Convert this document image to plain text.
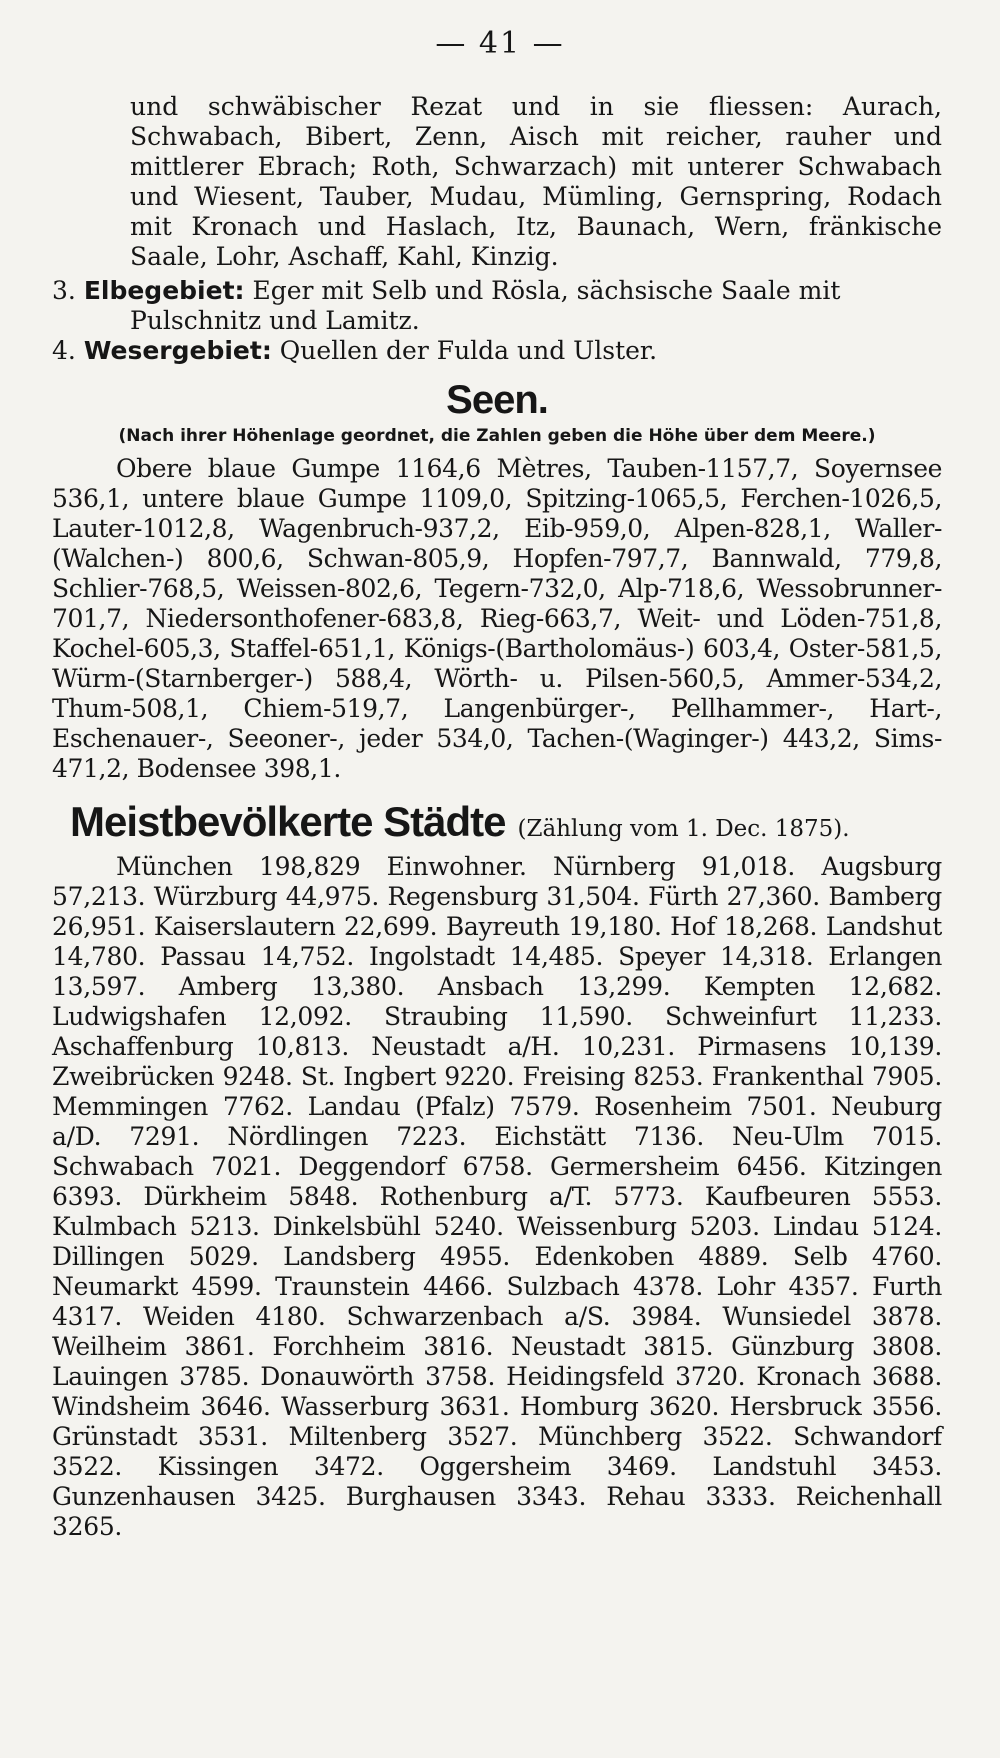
— 41 —

und schwäbischer Rezat und in sie fliessen: Aurach, Schwabach, Bibert, Zenn, Aisch mit reicher, rauher und mittlerer Ebrach; Roth, Schwarzach) mit unterer Schwabach und Wiesent, Tauber, Mudau, Mümling, Gernspring, Rodach mit Kronach und Haslach, Itz, Baunach, Wern, fränkische Saale, Lohr, Aschaff, Kahl, Kinzig.

3. Elbegebiet: Eger mit Selb und Rösla, sächsische Saale mit Pulschnitz und Lamitz.
4. Wesergebiet: Quellen der Fulda und Ulster.
Seen.
(Nach ihrer Höhenlage geordnet, die Zahlen geben die Höhe über dem Meere.)

Obere blaue Gumpe 1164,6 Mètres, Tauben-1157,7, Soyernsee 536,1, untere blaue Gumpe 1109,0, Spitzing-1065,5, Ferchen-1026,5, Lauter-1012,8, Wagenbruch-937,2, Eib-959,0, Alpen-828,1, Waller-(Walchen-) 800,6, Schwan-805,9, Hopfen-797,7, Bannwald, 779,8, Schlier-768,5, Weissen-802,6, Tegern-732,0, Alp-718,6, Wessobrunner-701,7, Niedersonthofener-683,8, Rieg-663,7, Weit- und Löden-751,8, Kochel-605,3, Staffel-651,1, Königs-(Bartholomäus-) 603,4, Oster-581,5, Würm-(Starnberger-) 588,4, Wörth- u. Pilsen-560,5, Ammer-534,2, Thum-508,1, Chiem-519,7, Langenbürger-, Pellhammer-, Hart-, Eschenauer-, Seeoner-, jeder 534,0, Tachen-(Waginger-) 443,2, Sims-471,2, Bodensee 398,1.

Meistbevölkerte Städte (Zählung vom 1. Dec. 1875).

München 198,829 Einwohner. Nürnberg 91,018. Augsburg 57,213. Würzburg 44,975. Regensburg 31,504. Fürth 27,360. Bamberg 26,951. Kaiserslautern 22,699. Bayreuth 19,180. Hof 18,268. Landshut 14,780. Passau 14,752. Ingolstadt 14,485. Speyer 14,318. Erlangen 13,597. Amberg 13,380. Ansbach 13,299. Kempten 12,682. Ludwigshafen 12,092. Straubing 11,590. Schweinfurt 11,233. Aschaffenburg 10,813. Neustadt a/H. 10,231. Pirmasens 10,139. Zweibrücken 9248. St. Ingbert 9220. Freising 8253. Frankenthal 7905. Memmingen 7762. Landau (Pfalz) 7579. Rosenheim 7501. Neuburg a/D. 7291. Nördlingen 7223. Eichstätt 7136. Neu-Ulm 7015. Schwabach 7021. Deggendorf 6758. Germersheim 6456. Kitzingen 6393. Dürkheim 5848. Rothenburg a/T. 5773. Kaufbeuren 5553. Kulmbach 5213. Dinkelsbühl 5240. Weissenburg 5203. Lindau 5124. Dillingen 5029. Landsberg 4955. Edenkoben 4889. Selb 4760. Neumarkt 4599. Traunstein 4466. Sulzbach 4378. Lohr 4357. Furth 4317. Weiden 4180. Schwarzenbach a/S. 3984. Wunsiedel 3878. Weilheim 3861. Forchheim 3816. Neustadt 3815. Günzburg 3808. Lauingen 3785. Donauwörth 3758. Heidingsfeld 3720. Kronach 3688. Windsheim 3646. Wasserburg 3631. Homburg 3620. Hersbruck 3556. Grünstadt 3531. Miltenberg 3527. Münchberg 3522. Schwandorf 3522. Kissingen 3472. Oggersheim 3469. Landstuhl 3453. Gunzenhausen 3425. Burghausen 3343. Rehau 3333. Reichenhall 3265.
